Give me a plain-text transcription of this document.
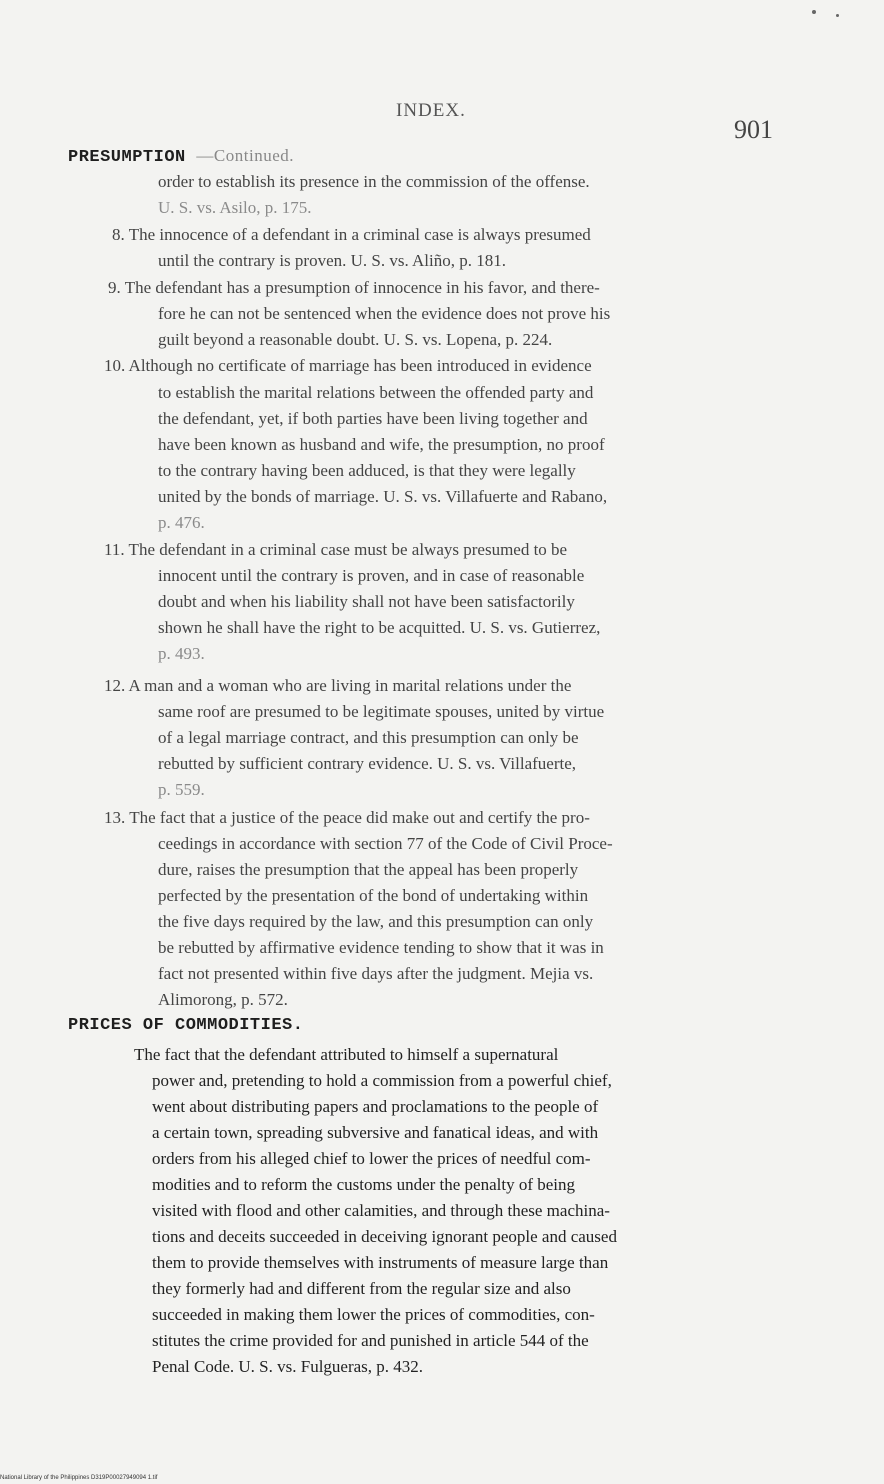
INDEX.
901
PRESUMPTION —Continued.
order to establish its presence in the commission of the offense.
U. S. vs. Asilo, p. 175.
8. The innocence of a defendant in a criminal case is always presumed
until the contrary is proven. U. S. vs. Aliño, p. 181.
9. The defendant has a presumption of innocence in his favor, and there-
fore he can not be sentenced when the evidence does not prove his
guilt beyond a reasonable doubt. U. S. vs. Lopena, p. 224.
10. Although no certificate of marriage has been introduced in evidence
to establish the marital relations between the offended party and
the defendant, yet, if both parties have been living together and
have been known as husband and wife, the presumption, no proof
to the contrary having been adduced, is that they were legally
united by the bonds of marriage. U. S. vs. Villafuerte and Rabano,
p. 476.
11. The defendant in a criminal case must be always presumed to be
innocent until the contrary is proven, and in case of reasonable
doubt and when his liability shall not have been satisfactorily
shown he shall have the right to be acquitted. U. S. vs. Gutierrez,
p. 493.
12. A man and a woman who are living in marital relations under the
same roof are presumed to be legitimate spouses, united by virtue
of a legal marriage contract, and this presumption can only be
rebutted by sufficient contrary evidence. U. S. vs. Villafuerte,
p. 559.
13. The fact that a justice of the peace did make out and certify the pro-
ceedings in accordance with section 77 of the Code of Civil Proce-
dure, raises the presumption that the appeal has been properly
perfected by the presentation of the bond of undertaking within
the five days required by the law, and this presumption can only
be rebutted by affirmative evidence tending to show that it was in
fact not presented within five days after the judgment. Mejia vs.
Alimorong, p. 572.
PRICES OF COMMODITIES.
The fact that the defendant attributed to himself a supernatural
power and, pretending to hold a commission from a powerful chief,
went about distributing papers and proclamations to the people of
a certain town, spreading subversive and fanatical ideas, and with
orders from his alleged chief to lower the prices of needful com-
modities and to reform the customs under the penalty of being
visited with flood and other calamities, and through these machina-
tions and deceits succeeded in deceiving ignorant people and caused
them to provide themselves with instruments of measure large than
they formerly had and different from the regular size and also
succeeded in making them lower the prices of commodities, con-
stitutes the crime provided for and punished in article 544 of the
Penal Code. U. S. vs. Fulgueras, p. 432.
National Library of the Philippines D319P00027949094 1.tif
